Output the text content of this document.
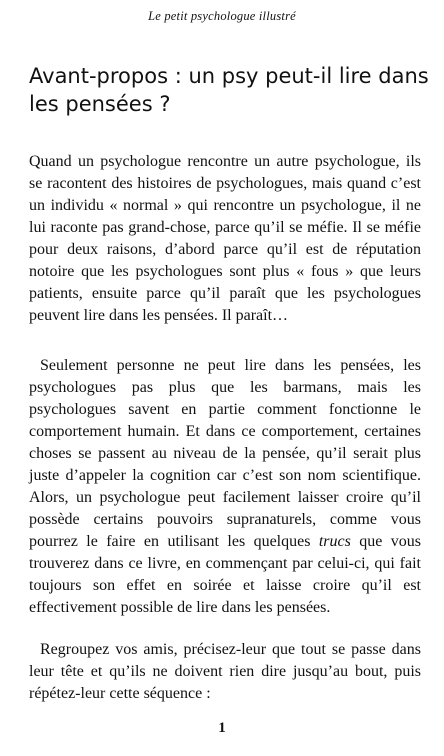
Le petit psychologue illustré
Avant-propos : un psy peut-il lire dans les pensées ?

Quand un psychologue rencontre un autre psychologue, ils se racontent des histoires de psychologues, mais quand c’est un individu « normal » qui rencontre un psychologue, il ne lui raconte pas grand-chose, parce qu’il se méfie. Il se méfie pour deux raisons, d’abord parce qu’il est de réputation notoire que les psychologues sont plus « fous » que leurs patients, ensuite parce qu’il paraît que les psychologues peuvent lire dans les pensées. Il paraît…

Seulement personne ne peut lire dans les pensées, les psychologues pas plus que les barmans, mais les psychologues savent en partie comment fonctionne le comportement humain. Et dans ce comportement, certaines choses se passent au niveau de la pensée, qu’il serait plus juste d’appeler la cognition car c’est son nom scientifique. Alors, un psychologue peut facilement laisser croire qu’il possède certains pouvoirs supranaturels, comme vous pourrez le faire en utilisant les quelques trucs que vous trouverez dans ce livre, en commençant par celui-ci, qui fait toujours son effet en soirée et laisse croire qu’il est effectivement possible de lire dans les pensées.

Regroupez vos amis, précisez-leur que tout se passe dans leur tête et qu’ils ne doivent rien dire jusqu’au bout, puis répétez-leur cette séquence :

1
